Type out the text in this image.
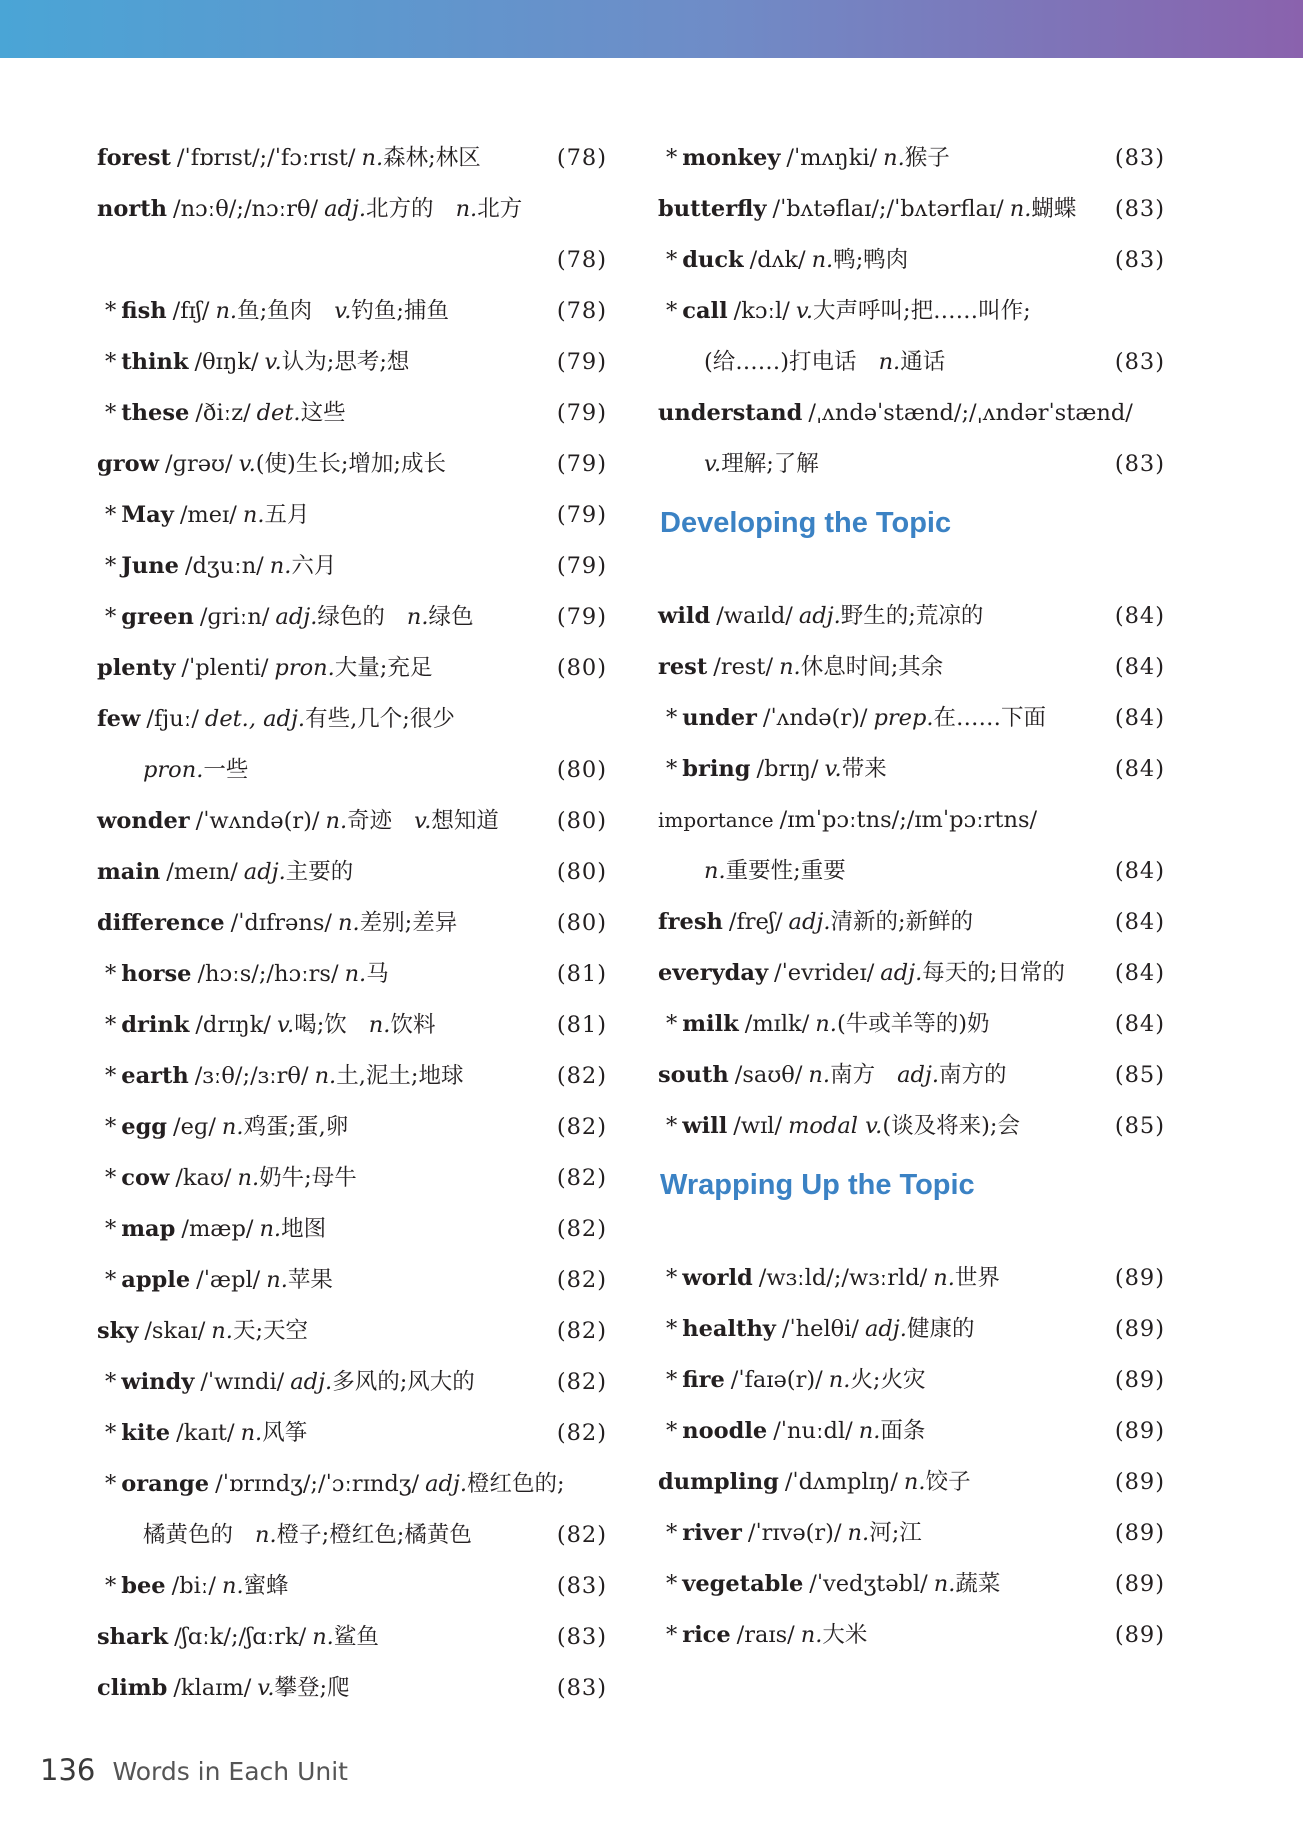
forest /ˈfɒrɪst/;/ˈfɔːrɪst/ n.森林;林区	(78)
north /nɔːθ/;/nɔːrθ/ adj.北方的 n.北方
(78)
* fish /fɪʃ/ n.鱼;鱼肉 v.钓鱼;捕鱼	(78)
* think /θɪŋk/ v.认为;思考;想	(79)
* these /ðiːz/ det.这些	(79)
grow /ɡrəʊ/ v.(使)生长;增加;成长	(79)
* May /meɪ/ n.五月	(79)
* June /dʒuːn/ n.六月	(79)
* green /ɡriːn/ adj.绿色的 n.绿色	(79)
plenty /ˈplenti/ pron.大量;充足	(80)
few /fjuː/ det., adj.有些,几个;很少
pron.一些	(80)
wonder /ˈwʌndə(r)/ n.奇迹 v.想知道	(80)
main /meɪn/ adj.主要的	(80)
difference /ˈdɪfrəns/ n.差别;差异	(80)
* horse /hɔːs/;/hɔːrs/ n.马	(81)
* drink /drɪŋk/ v.喝;饮 n.饮料	(81)
* earth /ɜːθ/;/ɜːrθ/ n.土,泥土;地球	(82)
* egg /eɡ/ n.鸡蛋;蛋,卵	(82)
* cow /kaʊ/ n.奶牛;母牛	(82)
* map /mæp/ n.地图	(82)
* apple /ˈæpl/ n.苹果	(82)
sky /skaɪ/ n.天;天空	(82)
* windy /ˈwɪndi/ adj.多风的;风大的	(82)
* kite /kaɪt/ n.风筝	(82)
* orange /ˈɒrɪndʒ/;/ˈɔːrɪndʒ/ adj.橙红色的;
橘黄色的 n.橙子;橙红色;橘黄色	(82)
* bee /biː/ n.蜜蜂	(83)
shark /ʃɑːk/;/ʃɑːrk/ n.鲨鱼	(83)
climb /klaɪm/ v.攀登;爬	(83)
* monkey /ˈmʌŋki/ n.猴子	(83)
butterfly /ˈbʌtəflaɪ/;/ˈbʌtərflaɪ/ n.蝴蝶 (83)
* duck /dʌk/ n.鸭;鸭肉	(83)
* call /kɔːl/ v.大声呼叫;把……叫作;
(给……)打电话 n.通话	(83)
understand /ˌʌndəˈstænd/;/ˌʌndərˈstænd/
v.理解;了解	(83)
Developing the Topic
wild /waɪld/ adj.野生的;荒凉的	(84)
rest /rest/ n.休息时间;其余	(84)
* under /ˈʌndə(r)/ prep.在……下面	(84)
* bring /brɪŋ/ v.带来	(84)
importance /ɪmˈpɔːtns/;/ɪmˈpɔːrtns/
n.重要性;重要	(84)
fresh /freʃ/ adj.清新的;新鲜的	(84)
everyday /ˈevrideɪ/ adj.每天的;日常的 (84)
* milk /mɪlk/ n.(牛或羊等的)奶	(84)
south /saʊθ/ n.南方 adj.南方的	(85)
* will /wɪl/ modal v.(谈及将来);会	(85)
Wrapping Up the Topic
* world /wɜːld/;/wɜːrld/ n.世界	(89)
* healthy /ˈhelθi/ adj.健康的	(89)
* fire /ˈfaɪə(r)/ n.火;火灾	(89)
* noodle /ˈnuːdl/ n.面条	(89)
dumpling /ˈdʌmplɪŋ/ n.饺子	(89)
* river /ˈrɪvə(r)/ n.河;江	(89)
* vegetable /ˈvedʒtəbl/ n.蔬菜	(89)
* rice /raɪs/ n.大米	(89)
136 Words in Each Unit
